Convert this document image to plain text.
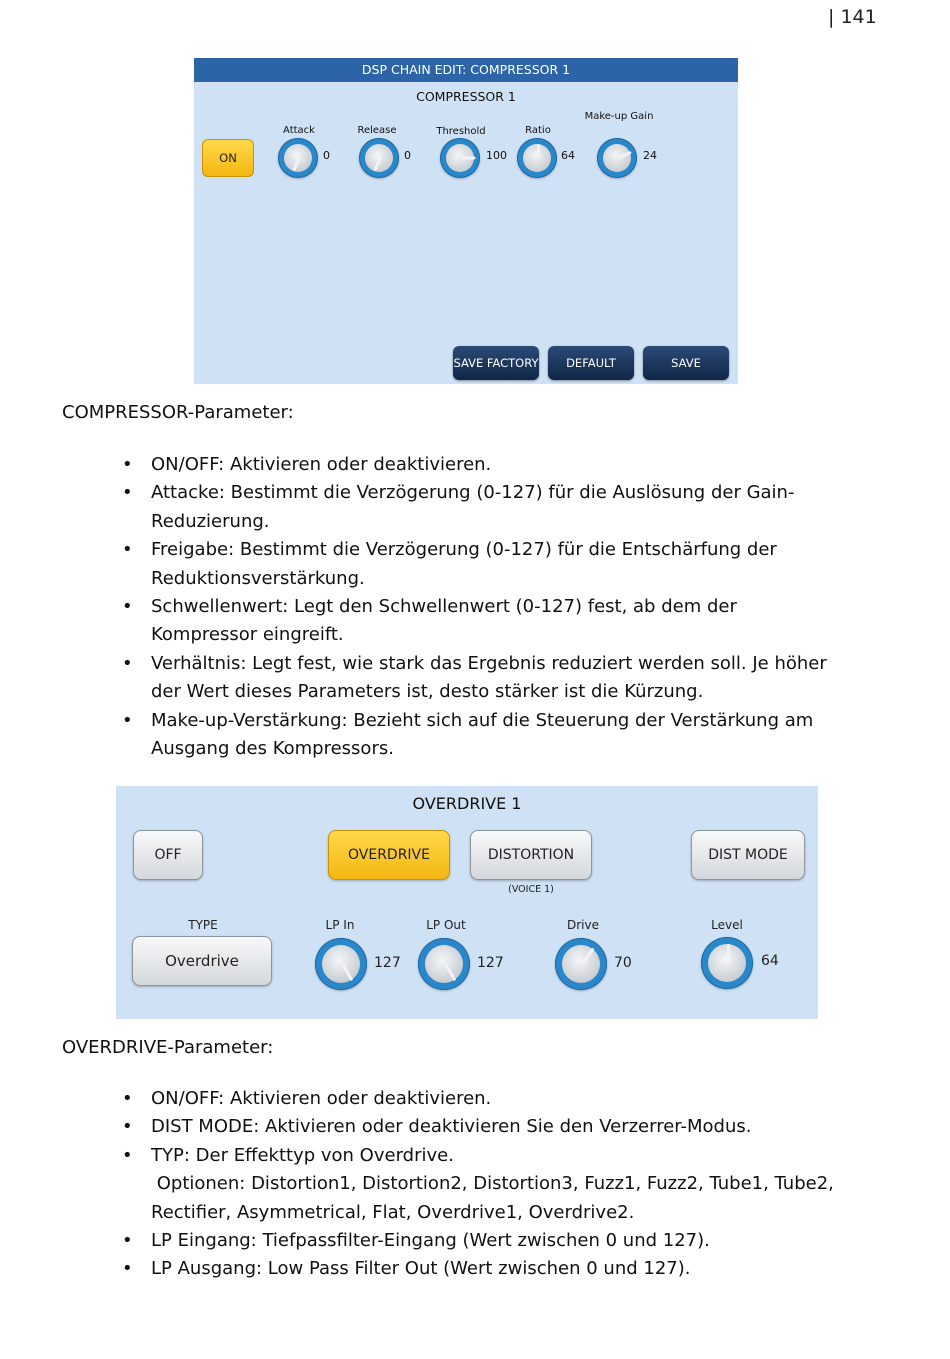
| 141
DSP CHAIN EDIT: COMPRESSOR 1
COMPRESSOR 1
ON
Attack
0
Release
0
Threshold
100
Ratio
64
Make-up Gain
24
SAVE FACTORY	DEFAULT	SAVE
COMPRESSOR-Parameter:
• ON/OFF: Aktivieren oder deaktivieren.
• Attacke: Bestimmt die Verzögerung (0-127) für die Auslösung der Gain-Reduzierung.
• Freigabe: Bestimmt die Verzögerung (0-127) für die Entschärfung der Reduktionsverstärkung.
• Schwellenwert: Legt den Schwellenwert (0-127) fest, ab dem der Kompressor eingreift.
• Verhältnis: Legt fest, wie stark das Ergebnis reduziert werden soll. Je höher der Wert dieses Parameters ist, desto stärker ist die Kürzung.
• Make-up-Verstärkung: Bezieht sich auf die Steuerung der Verstärkung am Ausgang des Kompressors.
OVERDRIVE 1
OFF	OVERDRIVE	DISTORTION	DIST MODE
(VOICE 1)
TYPE
Overdrive
LP In
127
LP Out
127
Drive
70
Level
64
OVERDRIVE-Parameter:
• ON/OFF: Aktivieren oder deaktivieren.
• DIST MODE: Aktivieren oder deaktivieren Sie den Verzerrer-Modus.
• TYP: Der Effekttyp von Overdrive.
Optionen: Distortion1, Distortion2, Distortion3, Fuzz1, Fuzz2, Tube1, Tube2, Rectifier, Asymmetrical, Flat, Overdrive1, Overdrive2.
• LP Eingang: Tiefpassfilter-Eingang (Wert zwischen 0 und 127).
• LP Ausgang: Low Pass Filter Out (Wert zwischen 0 und 127).
